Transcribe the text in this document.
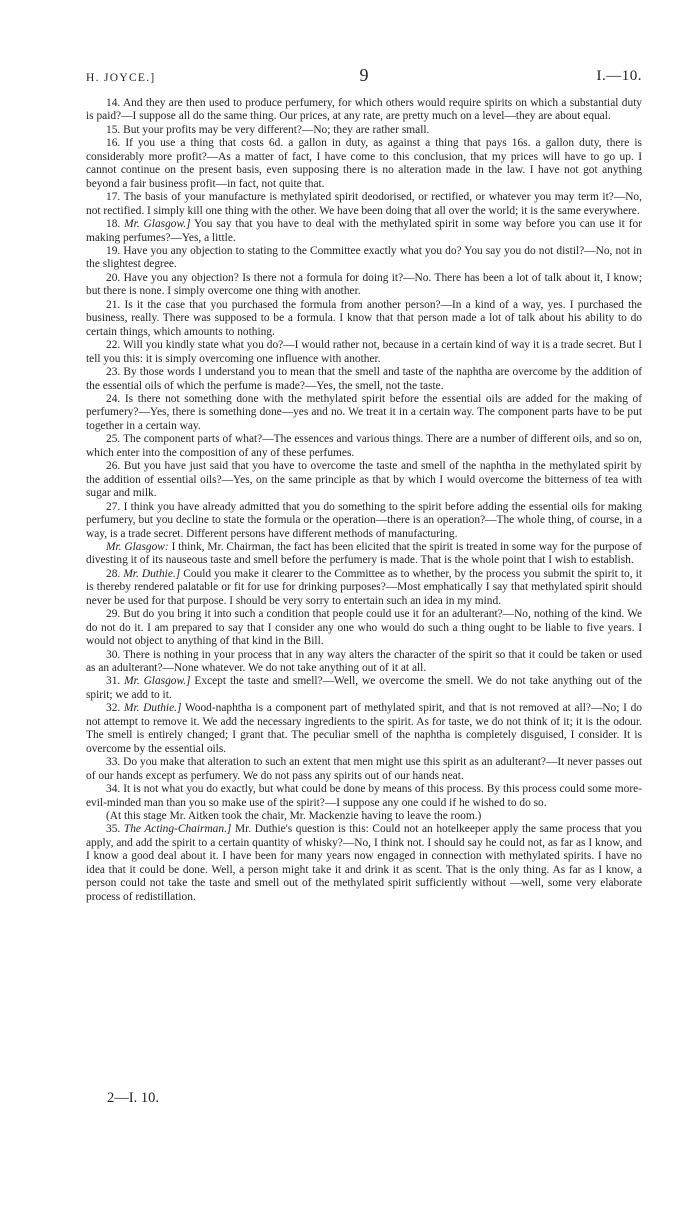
H. JOYCE.]	9	I.—10.

14. And they are then used to produce perfumery, for which others would require spirits on which a substantial duty is paid?—I suppose all do the same thing. Our prices, at any rate, are pretty much on a level—they are about equal.

15. But your profits may be very different?—No; they are rather small.

16. If you use a thing that costs 6d. a gallon in duty, as against a thing that pays 16s. a gallon duty, there is considerably more profit?—As a matter of fact, I have come to this conclusion, that my prices will have to go up. I cannot continue on the present basis, even supposing there is no alteration made in the law. I have not got anything beyond a fair business profit—in fact, not quite that.

17. The basis of your manufacture is methylated spirit deodorised, or rectified, or whatever you may term it?—No, not rectified. I simply kill one thing with the other. We have been doing that all over the world; it is the same everywhere.

18. Mr. Glasgow.] You say that you have to deal with the methylated spirit in some way before you can use it for making perfumes?—Yes, a little.

19. Have you any objection to stating to the Committee exactly what you do? You say you do not distil?—No, not in the slightest degree.

20. Have you any objection? Is there not a formula for doing it?—No. There has been a lot of talk about it, I know; but there is none. I simply overcome one thing with another.

21. Is it the case that you purchased the formula from another person?—In a kind of a way, yes. I purchased the business, really. There was supposed to be a formula. I know that that person made a lot of talk about his ability to do certain things, which amounts to nothing.

22. Will you kindly state what you do?—I would rather not, because in a certain kind of way it is a trade secret. But I tell you this: it is simply overcoming one influence with another.

23. By those words I understand you to mean that the smell and taste of the naphtha are overcome by the addition of the essential oils of which the perfume is made?—Yes, the smell, not the taste.

24. Is there not something done with the methylated spirit before the essential oils are added for the making of perfumery?—Yes, there is something done—yes and no. We treat it in a certain way. The component parts have to be put together in a certain way.

25. The component parts of what?—The essences and various things. There are a number of different oils, and so on, which enter into the composition of any of these perfumes.

26. But you have just said that you have to overcome the taste and smell of the naphtha in the methylated spirit by the addition of essential oils?—Yes, on the same principle as that by which I would overcome the bitterness of tea with sugar and milk.

27. I think you have already admitted that you do something to the spirit before adding the essential oils for making perfumery, but you decline to state the formula or the operation—there is an operation?—The whole thing, of course, in a way, is a trade secret. Different persons have different methods of manufacturing.

Mr. Glasgow: I think, Mr. Chairman, the fact has been elicited that the spirit is treated in some way for the purpose of divesting it of its nauseous taste and smell before the perfumery is made. That is the whole point that I wish to establish.

28. Mr. Duthie.] Could you make it clearer to the Committee as to whether, by the process you submit the spirit to, it is thereby rendered palatable or fit for use for drinking purposes?—Most emphatically I say that methylated spirit should never be used for that purpose. I should be very sorry to entertain such an idea in my mind.

29. But do you bring it into such a condition that people could use it for an adulterant?—No, nothing of the kind. We do not do it. I am prepared to say that I consider any one who would do such a thing ought to be liable to five years. I would not object to anything of that kind in the Bill.

30. There is nothing in your process that in any way alters the character of the spirit so that it could be taken or used as an adulterant?—None whatever. We do not take anything out of it at all.

31. Mr. Glasgow.] Except the taste and smell?—Well, we overcome the smell. We do not take anything out of the spirit; we add to it.

32. Mr. Duthie.] Wood-naphtha is a component part of methylated spirit, and that is not removed at all?—No; I do not attempt to remove it. We add the necessary ingredients to the spirit. As for taste, we do not think of it; it is the odour. The smell is entirely changed; I grant that. The peculiar smell of the naphtha is completely disguised, I consider. It is overcome by the essential oils.

33. Do you make that alteration to such an extent that men might use this spirit as an adulterant?—It never passes out of our hands except as perfumery. We do not pass any spirits out of our hands neat.

34. It is not what you do exactly, but what could be done by means of this process. By this process could some more-evil-minded man than you so make use of the spirit?—I suppose any one could if he wished to do so.

(At this stage Mr. Aitken took the chair, Mr. Mackenzie having to leave the room.)

35. The Acting-Chairman.] Mr. Duthie's question is this: Could not an hotelkeeper apply the same process that you apply, and add the spirit to a certain quantity of whisky?—No, I think not. I should say he could not, as far as I know, and I know a good deal about it. I have been for many years now engaged in connection with methylated spirits. I have no idea that it could be done. Well, a person might take it and drink it as scent. That is the only thing. As far as I know, a person could not take the taste and smell out of the methylated spirit sufficiently without —well, some very elaborate process of redistillation.

2—I. 10.
